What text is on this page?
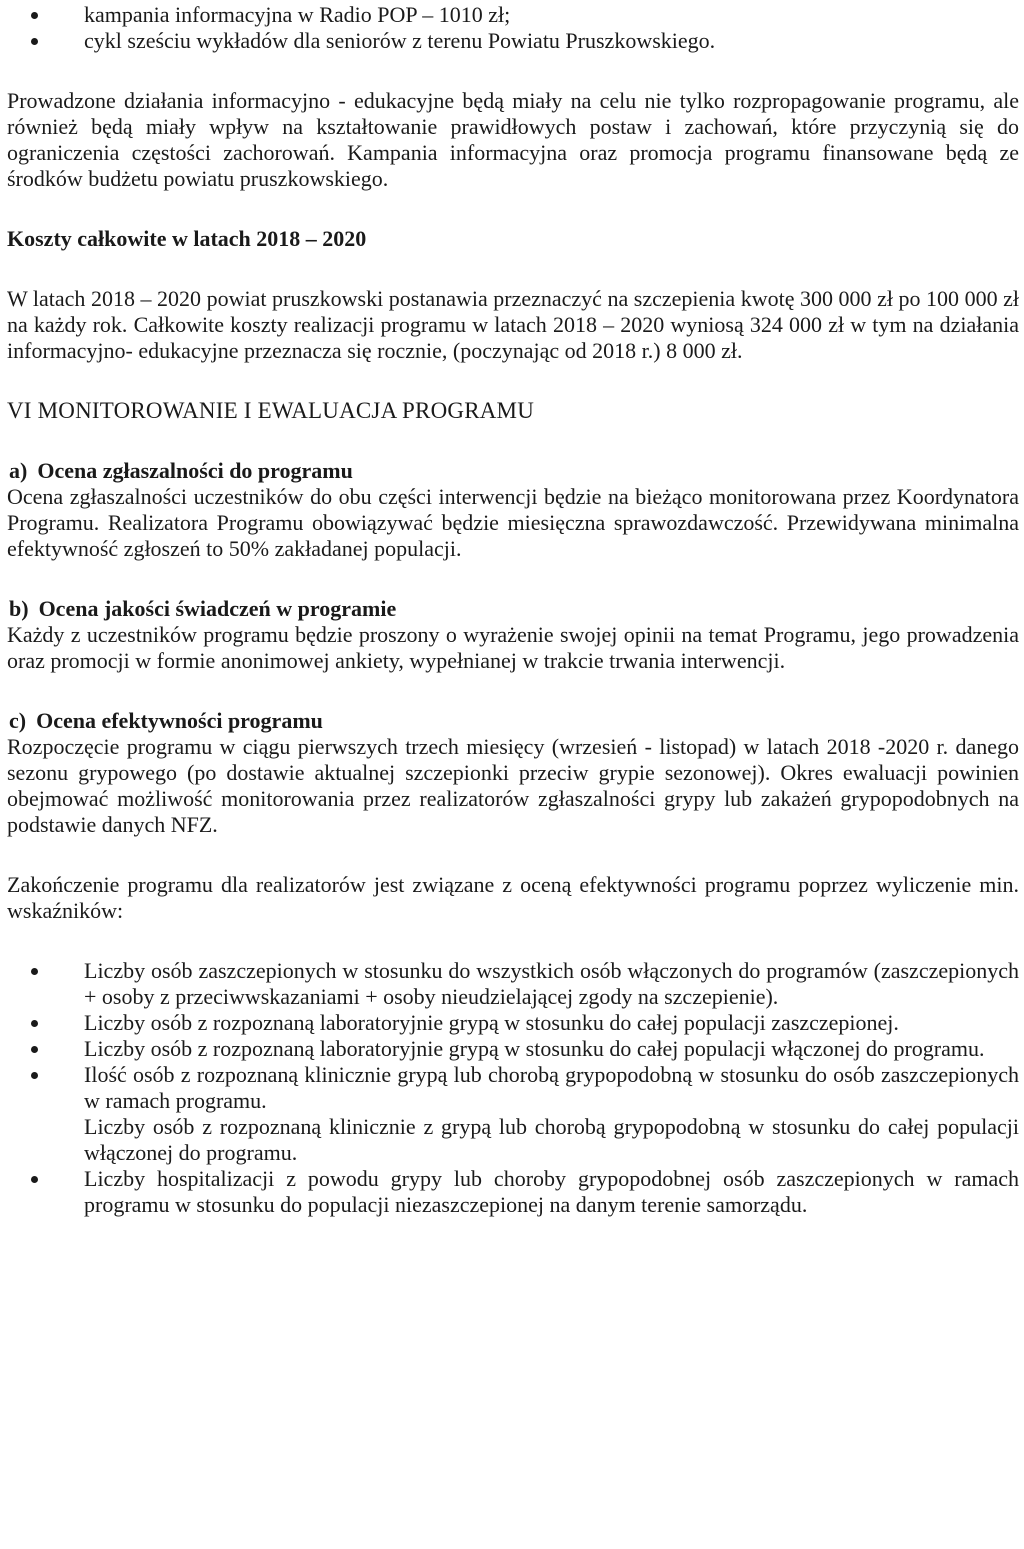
kampania informacyjna w Radio POP – 1010 zł;
cykl sześciu wykładów dla seniorów z terenu Powiatu Pruszkowskiego.

Prowadzone działania informacyjno - edukacyjne będą miały na celu nie tylko rozpropagowanie programu, ale również będą miały wpływ na kształtowanie prawidłowych postaw i zachowań, które przyczynią się do ograniczenia częstości zachorowań. Kampania informacyjna oraz promocja programu finansowane będą ze środków budżetu powiatu pruszkowskiego.

Koszty całkowite w latach 2018 – 2020

W latach 2018 – 2020 powiat pruszkowski postanawia przeznaczyć na szczepienia kwotę 300 000 zł po 100 000 zł na każdy rok. Całkowite koszty realizacji programu w latach 2018 – 2020 wyniosą 324 000 zł w tym na działania informacyjno- edukacyjne przeznacza się rocznie, (poczynając od 2018 r.) 8 000 zł.

VI MONITOROWANIE I EWALUACJA PROGRAMU

a) Ocena zgłaszalności do programu

Ocena zgłaszalności uczestników do obu części interwencji będzie na bieżąco monitorowana przez Koordynatora Programu. Realizatora Programu obowiązywać będzie miesięczna sprawozdawczość. Przewidywana minimalna efektywność zgłoszeń to 50% zakładanej populacji.

b) Ocena jakości świadczeń w programie

Każdy z uczestników programu będzie proszony o wyrażenie swojej opinii na temat Programu, jego prowadzenia oraz promocji w formie anonimowej ankiety, wypełnianej w trakcie trwania interwencji.

c) Ocena efektywności programu

Rozpoczęcie programu w ciągu pierwszych trzech miesięcy (wrzesień - listopad) w latach 2018 -2020 r. danego sezonu grypowego (po dostawie aktualnej szczepionki przeciw grypie sezonowej). Okres ewaluacji powinien obejmować możliwość monitorowania przez realizatorów zgłaszalności grypy lub zakażeń grypopodobnych na podstawie danych NFZ.

Zakończenie programu dla realizatorów jest związane z oceną efektywności programu poprzez wyliczenie min. wskaźników:

Liczby osób zaszczepionych w stosunku do wszystkich osób włączonych do programów (zaszczepionych + osoby z przeciwwskazaniami + osoby nieudzielającej zgody na szczepienie).
Liczby osób z rozpoznaną laboratoryjnie grypą w stosunku do całej populacji zaszczepionej.
Liczby osób z rozpoznaną laboratoryjnie grypą w stosunku do całej populacji włączonej do programu.
Ilość osób z rozpoznaną klinicznie grypą lub chorobą grypopodobną w stosunku do osób zaszczepionych w ramach programu.
Liczby osób z rozpoznaną klinicznie z grypą lub chorobą grypopodobną w stosunku do całej populacji włączonej do programu.
Liczby hospitalizacji z powodu grypy lub choroby grypopodobnej osób zaszczepionych w ramach programu w stosunku do populacji niezaszczepionej na danym terenie samorządu.
